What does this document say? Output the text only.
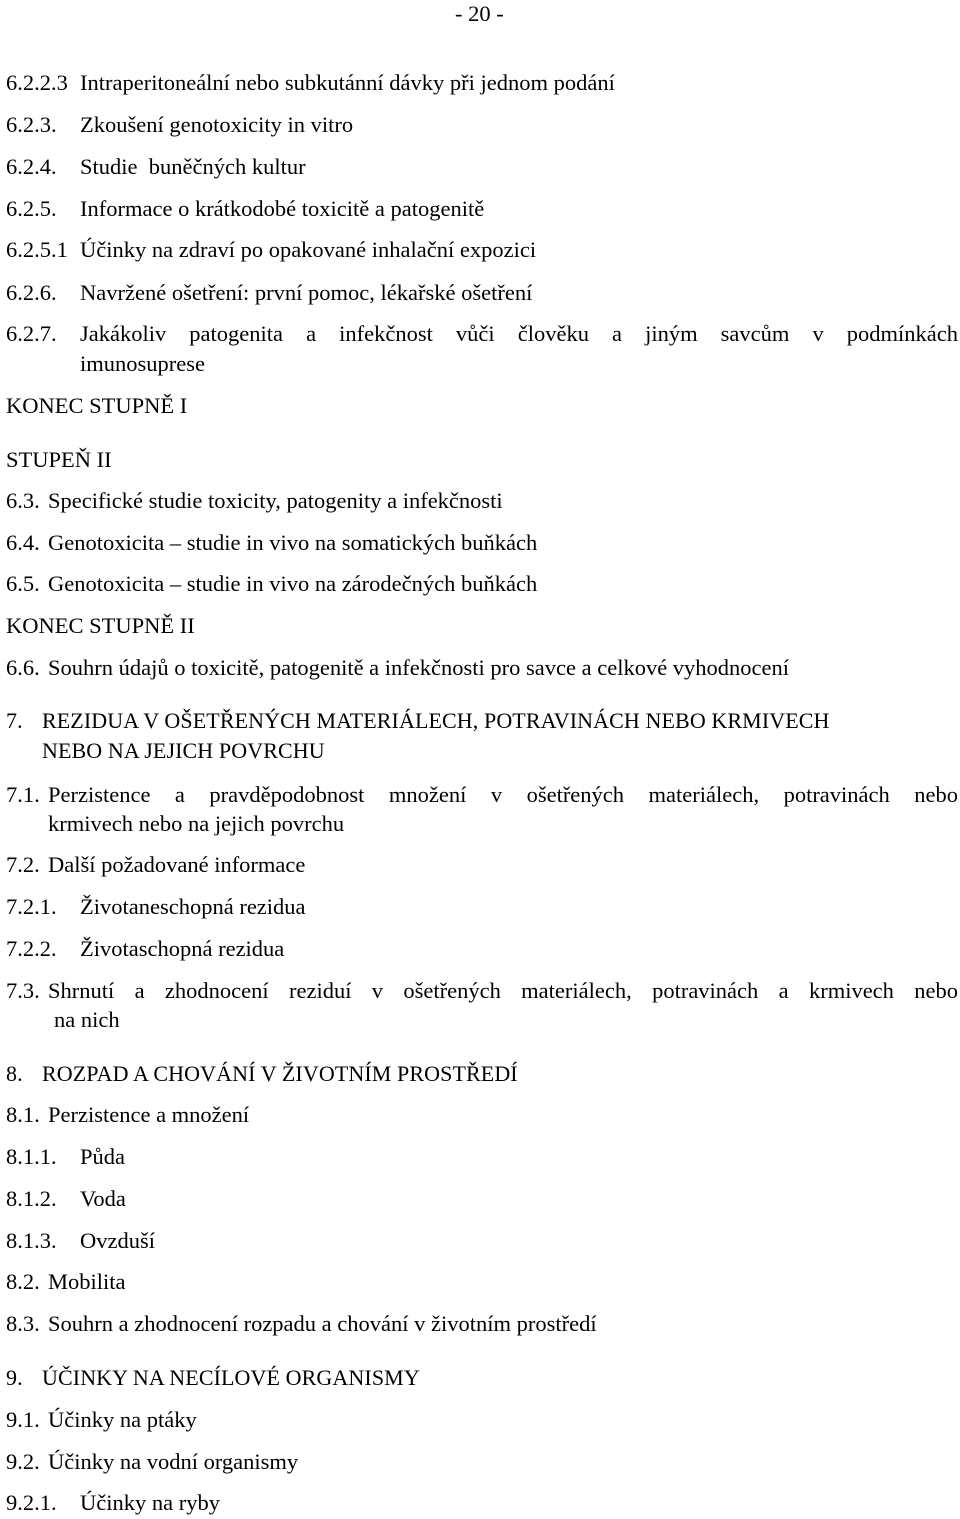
- 20 -
6.2.2.3 Intraperitoneální nebo subkutánní dávky při jednom podání
6.2.3. Zkoušení genotoxicity in vitro
6.2.4. Studie  buněčných kultur
6.2.5. Informace o krátkodobé toxicitě a patogenitě
6.2.5.1 Účinky na zdraví po opakované inhalační expozici
6.2.6. Navržené ošetření: první pomoc, lékařské ošetření
6.2.7. Jakákoliv patogenita a infekčnost vůči člověku a jiným savcům v podmínkách
imunosuprese
KONEC STUPNĚ I
STUPEŇ II
6.3. Specifické studie toxicity, patogenity a infekčnosti
6.4. Genotoxicita – studie in vivo na somatických buňkách
6.5. Genotoxicita – studie in vivo na zárodečných buňkách
KONEC STUPNĚ II
6.6. Souhrn údajů o toxicitě, patogenitě a infekčnosti pro savce a celkové vyhodnocení
7. REZIDUA V OŠETŘENÝCH MATERIÁLECH, POTRAVINÁCH NEBO KRMIVECH
NEBO NA JEJICH POVRCHU
7.1. Perzistence a pravděpodobnost množení v ošetřených materiálech, potravinách nebo
krmivech nebo na jejich povrchu
7.2. Další požadované informace
7.2.1. Životaneschopná rezidua
7.2.2. Životaschopná rezidua
7.3. Shrnutí a zhodnocení reziduí v ošetřených materiálech, potravinách a krmivech nebo
na nich
8. ROZPAD A CHOVÁNÍ V ŽIVOTNÍM PROSTŘEDÍ
8.1. Perzistence a množení
8.1.1. Půda
8.1.2. Voda
8.1.3. Ovzduší
8.2. Mobilita
8.3. Souhrn a zhodnocení rozpadu a chování v životním prostředí
9. ÚČINKY NA NECÍLOVÉ ORGANISMY
9.1. Účinky na ptáky
9.2. Účinky na vodní organismy
9.2.1. Účinky na ryby
